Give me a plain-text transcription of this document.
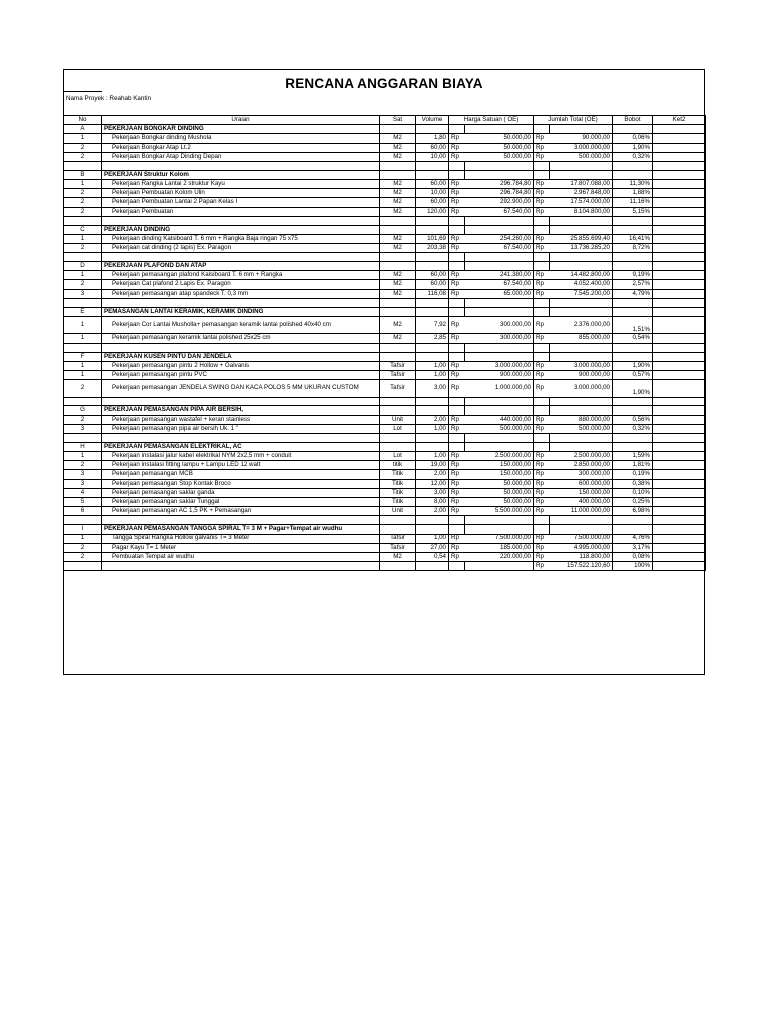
RENCANA ANGGARAN BIAYA
Nama Proyek : Reahab Kantin
No	Uraian	Sat	Volume	Harga Satuan ( OE)		Jumlah Total (OE)		Bobot	Ket2
A	PEKERJAAN BONGKAR DINDING								
1	Pekerjaan Bongkar dinding Mushola	M2	1,80	Rp	50.000,00	Rp	90.000,00	0,06%	
2	Pekerjaan Bongkar Atap Lt.2	M2	60,00	Rp	50.000,00	Rp	3.000.000,00	1,90%	
2	Pekerjaan Bongkar Atap Dinding Depan	M2	10,00	Rp	50.000,00	Rp	500.000,00	0,32%	

B	PEKERJAAN Struktur Kolom								
1	Pekerjaan Rangka Lantai 2 struktur Kayu	M2	60,00	Rp	296.784,80	Rp	17.807.088,00	11,30%	
2	Pekerjaan Pembuatan Kolom Ulin	M2	10,00	Rp	296.784,80	Rp	2.967.848,00	1,88%	
2	Pekerjaan Pembuatan Lantai 2 Papan Kelas I	M2	60,00	Rp	292.900,00	Rp	17.574.000,00	11,16%	
2	Pekerjaan Pembuatan	M2	120,00	Rp	67.540,00	Rp	8.104.800,00	5,15%	

C	PEKERJAAN DINDING								
1	Pekerjaan dinding Kalsiboard T. 6 mm + Rangka Baja ringan 75 x75	M2	101,69	Rp	254.260,00	Rp	25.855.699,40	16,41%	
2	Pekerjaan cat dinding (2 lapis) Ex. Paragon	M2	203,38	Rp	67.540,00	Rp	13.736.285,20	8,72%	

D	PEKERJAAN PLAFOND DAN ATAP								
1	Pekerjaan pemasangan plafond Kalsiboard T. 6 mm + Rangka	M2	60,00	Rp	241.380,00	Rp	14.482.800,00	9,19%	
2	Pekerjaan Cat plafond 2 Lapis Ex. Paragon	M2	60,00	Rp	67.540,00	Rp	4.052.400,00	2,57%	
3	Pekerjaan pemasangan atap spandeck T. 0,3 mm	M2	116,08	Rp	65.000,00	Rp	7.545.200,00	4,79%	

E	PEMASANGAN LANTAI KERAMIK, KERAMIK DINDING								
1	Pekerjaan Cor Lantai Musholla+ pemasangan keramik lantai polished 40x40 cm	M2	7,92	Rp	300.000,00	Rp	2.376.000,00	1,51%	
1	Pekerjaan pemasangan keramik lantai polished 25x25 cm	M2	2,85	Rp	300.000,00	Rp	855.000,00	0,54%	

F	PEKERJAAN KUSEN PINTU DAN JENDELA								
1	Pekerjaan pemasangan pintu 2 Hollow + Galvanis	Tafsir	1,00	Rp	3.000.000,00	Rp	3.000.000,00	1,90%	
1	Pekerjaan pemasangan pintu PVC	Tafsir	1,00	Rp	900.000,00	Rp	900.000,00	0,57%	
2	Pekerjaan pemasangan JENDELA SWING DAN KACA POLOS 5 MM UKURAN CUSTOM	Tafsir	3,00	Rp	1.000.000,00	Rp	3.000.000,00	1,90%	

G	PEKERJAAN PEMASANGAN PIPA AIR BERSIH,								
2	Pekerjaan pemasangan wastafel + keran stainless	Unit	2,00	Rp	440.000,00	Rp	880.000,00	0,56%	
3	Pekerjaan pemasangan pipa air bersih Uk. 1 "	Lot	1,00	Rp	500.000,00	Rp	500.000,00	0,32%	

H	PEKERJAAN PEMASANGAN ELEKTRIKAL, AC								
1	Pekerjaan instalasi jalur kabel elektrikal NYM 2x2,5 mm + conduit	Lot	1,00	Rp	2.500.000,00	Rp	2.500.000,00	1,59%	
2	Pekerjaan instalasi fitting lampu + Lampu LED 12 watt	titik	19,00	Rp	150.000,00	Rp	2.850.000,00	1,81%	
3	Pekerjaan pemasangan MCB	Titik	2,00	Rp	150.000,00	Rp	300.000,00	0,19%	
3	Pekerjaan pemasangan Stop Kontak Broco	Titik	12,00	Rp	50.000,00	Rp	600.000,00	0,38%	
4	Pekerjaan pemasangan saklar ganda	Titik	3,00	Rp	50.000,00	Rp	150.000,00	0,10%	
5	Pekerjaan pemasangan saklar Tunggal	Titik	8,00	Rp	50.000,00	Rp	400.000,00	0,25%	
6	Pekerjaan pemasangan AC 1,5 PK + Pemasangan	Unit	2,00	Rp	5.500.000,00	Rp	11.000.000,00	6,98%	

I	PEKERJAAN PEMASANGAN TANGGA SPIRAL T= 3 M + Pagar+Tempat air wudhu								
1	Tangga Spiral Rangka Hollow galvanis T= 3 Meter	Tafsir	1,00	Rp	7.500.000,00	Rp	7.500.000,00	4,76%	
2	Pagar Kayu T= 1 Meter	Tafsir	27,00	Rp	185.000,00	Rp	4.995.000,00	3,17%	
2	Pembuatan Tempat air wudhu	M2	0,54	Rp	220.000,00	Rp	118.800,00	0,08%	
						Rp	157.522.120,60	100%	
